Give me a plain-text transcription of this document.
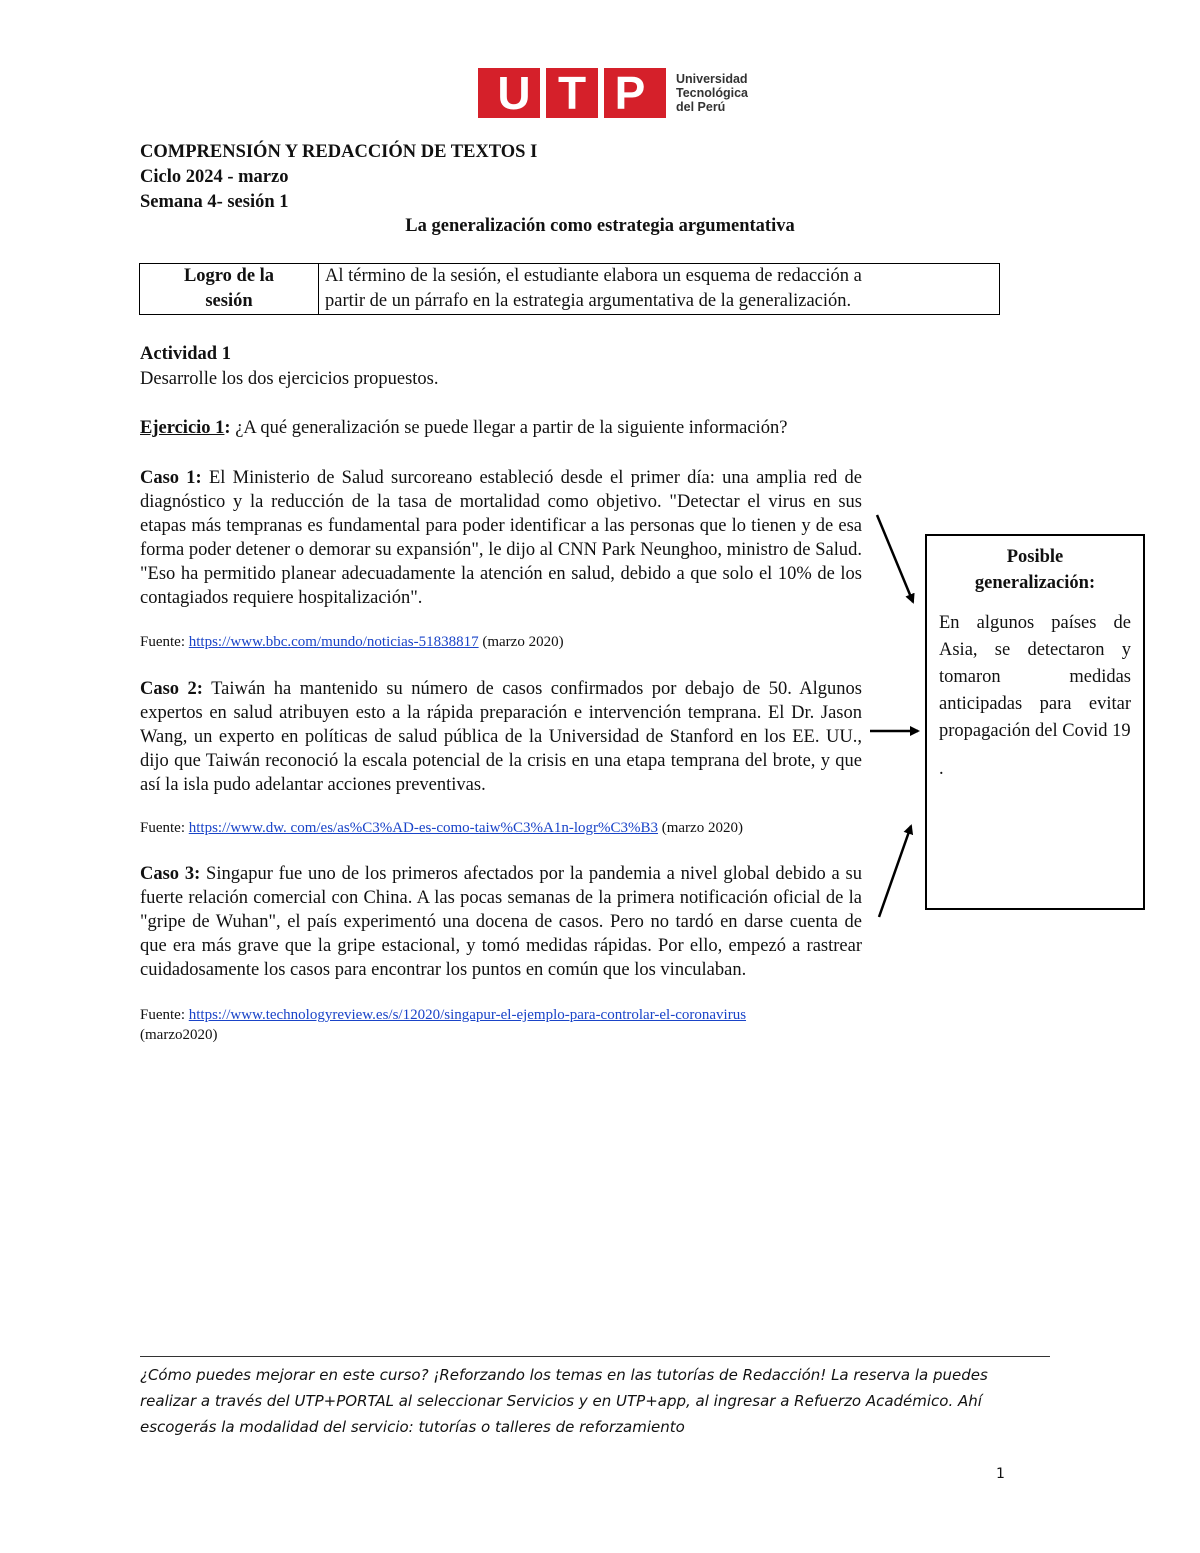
U T P	Universidad
Tecnológica
del Perú
COMPRENSIÓN Y REDACCIÓN DE TEXTOS I
Ciclo 2024 - marzo
Semana 4- sesión 1
La generalización como estrategia argumentativa
Logro de la
sesión
Al término de la sesión, el estudiante elabora un esquema de redacción a
partir de un párrafo en la estrategia argumentativa de la generalización.
Actividad 1
Desarrolle los dos ejercicios propuestos.
Ejercicio 1: ¿A qué generalización se puede llegar a partir de la siguiente información?
Caso 1: El Ministerio de Salud surcoreano estableció desde el primer día: una amplia red de diagnóstico y la reducción de la tasa de mortalidad como objetivo. "Detectar el virus en sus etapas más tempranas es fundamental para poder identificar a las personas que lo tienen y de esa forma poder detener o demorar su expansión", le dijo al CNN Park Neunghoo, ministro de Salud. "Eso ha permitido planear adecuadamente la atención en salud, debido a que solo el 10% de los contagiados requiere hospitalización".
Fuente: https://www.bbc.com/mundo/noticias-51838817 (marzo 2020)
Caso 2: Taiwán ha mantenido su número de casos confirmados por debajo de 50. Algunos expertos en salud atribuyen esto a la rápida preparación e intervención temprana. El Dr. Jason Wang, un experto en políticas de salud pública de la Universidad de Stanford en los EE. UU., dijo que Taiwán reconoció la escala potencial de la crisis en una etapa temprana del brote, y que así la isla pudo adelantar acciones preventivas.
Fuente: https://www.dw. com/es/as%C3%AD-es-como-taiw%C3%A1n-logr%C3%B3 (marzo 2020)
Caso 3: Singapur fue uno de los primeros afectados por la pandemia a nivel global debido a su fuerte relación comercial con China. A las pocas semanas de la primera notificación oficial de la "gripe de Wuhan", el país experimentó una docena de casos. Pero no tardó en darse cuenta de que era más grave que la gripe estacional, y tomó medidas rápidas. Por ello, empezó a rastrear cuidadosamente los casos para encontrar los puntos en común que los vinculaban.
Fuente: https://www.technologyreview.es/s/12020/singapur-el-ejemplo-para-controlar-el-coronavirus
(marzo2020)
Posible
generalización:
En algunos países de Asia, se detectaron y tomaron medidas anticipadas para evitar propagación del Covid 19
.
¿Cómo puedes mejorar en este curso? ¡Reforzando los temas en las tutorías de Redacción! La reserva la puedes
realizar a través del UTP+PORTAL al seleccionar Servicios y en UTP+app, al ingresar a Refuerzo Académico. Ahí
escogerás la modalidad del servicio: tutorías o talleres de reforzamiento
1
